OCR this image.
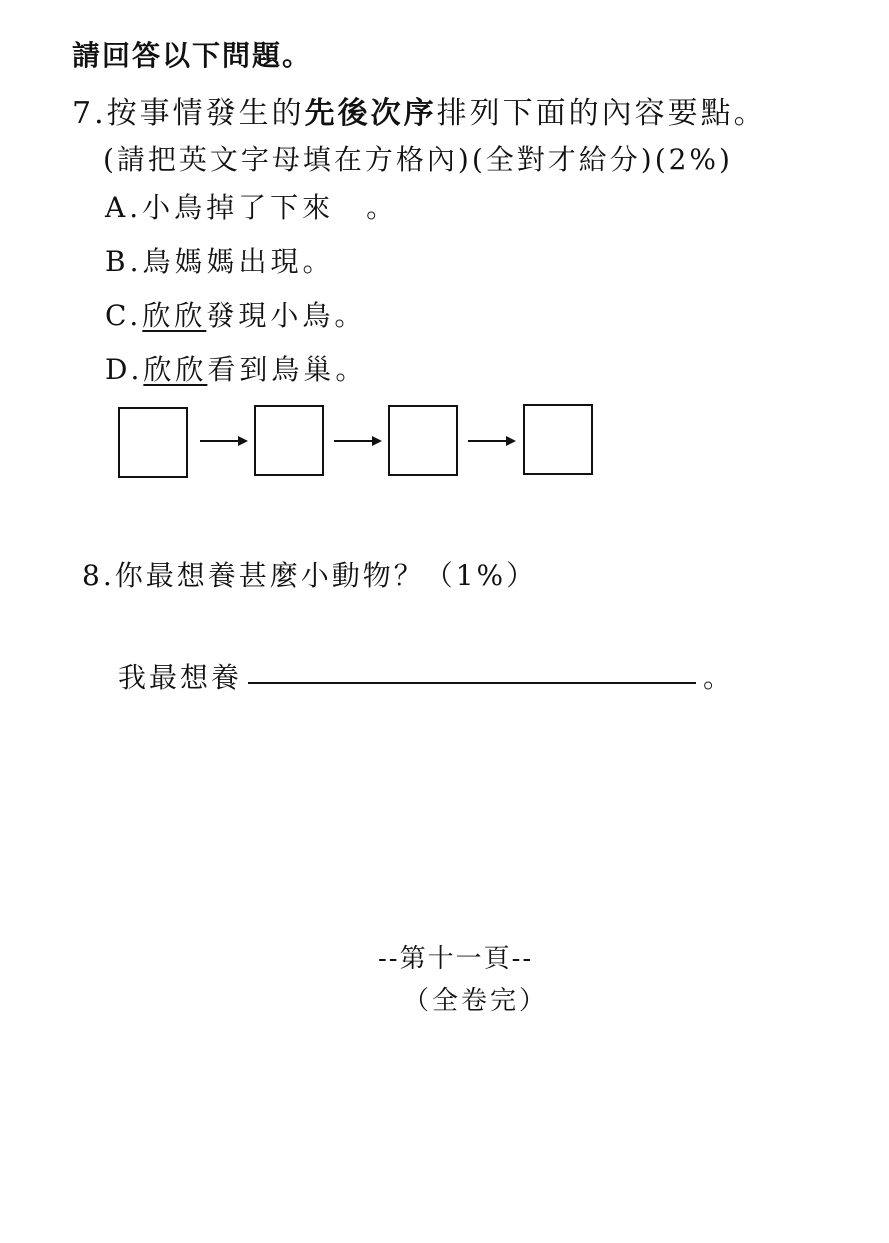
請回答以下問題。
7.按事情發生的先後次序排列下面的內容要點。
(請把英文字母填在方格內)(全對才給分)(2%)
A.小鳥掉了下來　。
B.鳥媽媽出現。
C.欣欣發現小鳥。
D.欣欣看到鳥巢。
8.你最想養甚麼小動物？（1%）
我最想養	。
--第十一頁--
（全卷完）
